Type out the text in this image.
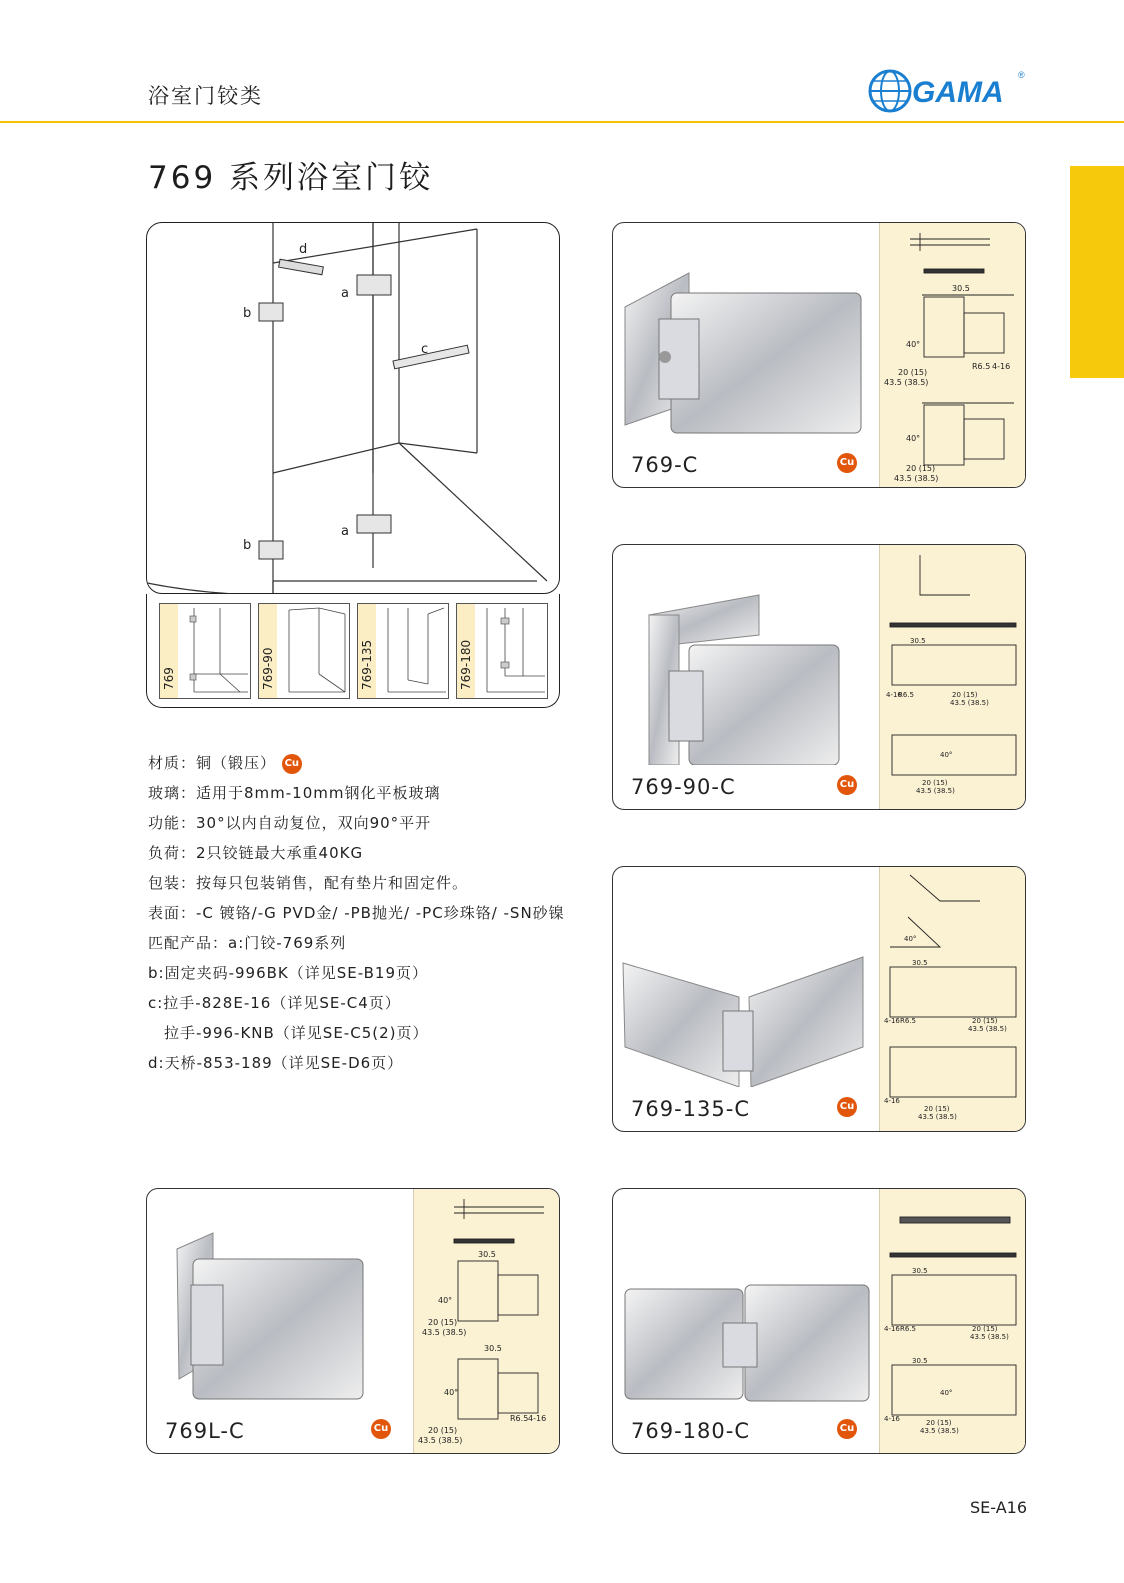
浴室门铰类	GAMA
®
769 系列浴室门铰
d
a
b
c
a
b
769	769-90	769-135	769-180
材质：铜（锻压） Cu
玻璃：适用于8mm-10mm钢化平板玻璃
功能：30°以内自动复位，双向90°平开
负荷：2只铰链最大承重40KG
包装：按每只包装销售，配有垫片和固定件。
表面：-C 镀铬/-G PVD金/ -PB抛光/ -PC珍珠铬/ -SN砂镍
匹配产品：a:门铰-769系列
b:固定夹码-996BK（详见SE-B19页）
c:拉手-828E-16（详见SE-C4页）
　拉手-996-KNB（详见SE-C5(2)页）
d:天桥-853-189（详见SE-D6页）
30.5
40°
20 (15)
43.5 (38.5)
R6.5 4-16
40°
20 (15)
43.5 (38.5)
769-C	Cu
30.5
4-16
R6.5	20 (15)
43.5 (38.5)
40°
20 (15)
43.5 (38.5)
769-90-C	Cu
40°
30.5
4-16 R6.5	20 (15)
43.5 (38.5)
4-16
20 (15)
43.5 (38.5)
769-135-C	Cu
30.5
40°
20 (15)
43.5 (38.5)
30.5
40°
20 (15)
43.5 (38.5)
R6.5 4-16
769L-C	Cu
30.5
4-16 R6.5	20 (15)
43.5 (38.5)
30.5
40°
4-16	20 (15)
43.5 (38.5)
769-180-C	Cu
SE-A16
